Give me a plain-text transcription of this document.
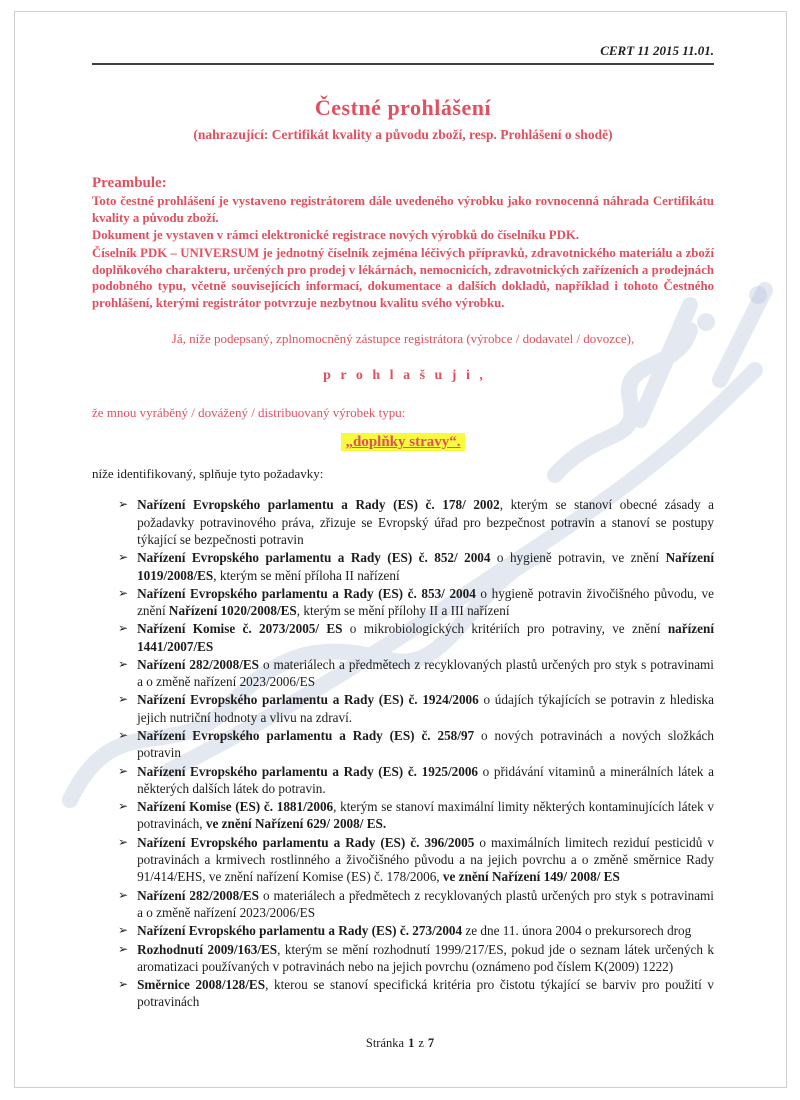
CERT 11 2015 11.01.
Čestné prohlášení
(nahrazující: Certifikát kvality a původu zboží, resp. Prohlášení o shodě)
Preambule:

Toto čestné prohlášení je vystaveno registrátorem dále uvedeného výrobku jako rovnocenná náhrada Certifikátu kvality a původu zboží.

Dokument je vystaven v rámci elektronické registrace nových výrobků do číselníku PDK.

Číselník PDK – UNIVERSUM je jednotný číselník zejména léčivých přípravků, zdravotnického materiálu a zboží doplňkového charakteru, určených pro prodej v lékárnách, nemocnicích, zdravotnických zařízeních a prodejnách podobného typu, včetně souvisejících informací, dokumentace a dalších dokladů, například i tohoto Čestného prohlášení, kterými registrátor potvrzuje nezbytnou kvalitu svého výrobku.

Já, níže podepsaný, zplnomocněný zástupce registrátora (výrobce / dodavatel / dovozce),

p r o h l a š u j i ,

že mnou vyráběný / dovážený / distribuovaný výrobek typu:

„doplňky stravy“.

níže identifikovaný, splňuje tyto požadavky:

➢ Nařízení Evropského parlamentu a Rady (ES) č. 178/ 2002, kterým se stanoví obecné zásady a požadavky potravinového práva, zřizuje se Evropský úřad pro bezpečnost potravin a stanoví se postupy týkající se bezpečnosti potravin
➢ Nařízení Evropského parlamentu a Rady (ES) č. 852/ 2004 o hygieně potravin, ve znění Nařízení 1019/2008/ES, kterým se mění příloha II nařízení
➢ Nařízení Evropského parlamentu a Rady (ES) č. 853/ 2004 o hygieně potravin živočišného původu, ve znění Nařízení 1020/2008/ES, kterým se mění přílohy II a III nařízení
➢ Nařízení Komise č. 2073/2005/ ES o mikrobiologických kritériích pro potraviny, ve znění nařízení 1441/2007/ES
➢ Nařízení 282/2008/ES o materiálech a předmětech z recyklovaných plastů určených pro styk s potravinami a o změně nařízení 2023/2006/ES
➢ Nařízení Evropského parlamentu a Rady (ES) č. 1924/2006 o údajích týkajících se potravin z hlediska jejich nutriční hodnoty a vlivu na zdraví.
➢ Nařízení Evropského parlamentu a Rady (ES) č. 258/97 o nových potravinách a nových složkách potravin
➢ Nařízení Evropského parlamentu a Rady (ES) č. 1925/2006 o přidávání vitaminů a minerálních látek a některých dalších látek do potravin.
➢ Nařízení Komise (ES) č. 1881/2006, kterým se stanoví maximální limity některých kontaminujících látek v potravinách, ve znění Nařízení 629/ 2008/ ES.
➢ Nařízení Evropského parlamentu a Rady (ES) č. 396/2005 o maximálních limitech reziduí pesticidů v potravinách a krmivech rostlinného a živočišného původu a na jejich povrchu a o změně směrnice Rady 91/414/EHS, ve znění nařízení Komise (ES) č. 178/2006, ve znění Nařízení 149/ 2008/ ES
➢ Nařízení 282/2008/ES o materiálech a předmětech z recyklovaných plastů určených pro styk s potravinami a o změně nařízení 2023/2006/ES
➢ Nařízení Evropského parlamentu a Rady (ES) č. 273/2004 ze dne 11. února 2004 o prekursorech drog
➢ Rozhodnutí 2009/163/ES, kterým se mění rozhodnutí 1999/217/ES, pokud jde o seznam látek určených k aromatizaci používaných v potravinách nebo na jejich povrchu (oznámeno pod číslem K(2009) 1222)
➢ Směrnice 2008/128/ES, kterou se stanoví specifická kritéria pro čistotu týkající se barviv pro použití v potravinách
Stránka 1 z 7
